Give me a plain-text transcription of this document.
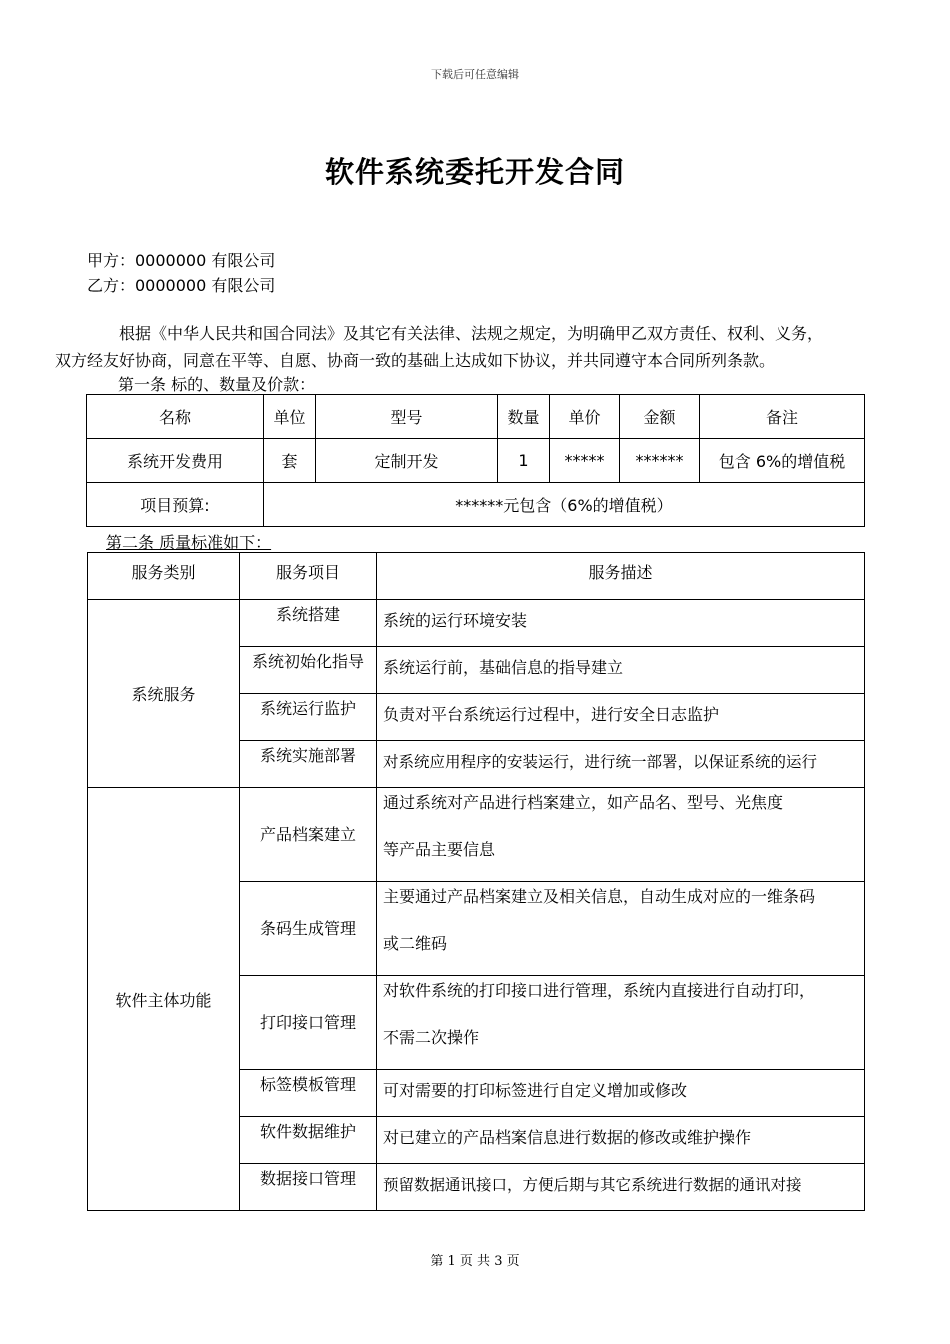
下载后可任意编辑
软件系统委托开发合同
甲方：0000000 有限公司
乙方：0000000 有限公司
根据《中华人民共和国合同法》及其它有关法律、法规之规定，为明确甲乙双方责任、权利、义务，
双方经友好协商，同意在平等、自愿、协商一致的基础上达成如下协议，并共同遵守本合同所列条款。
第一条 标的、数量及价款：
名称	单位	型号	数量	单价	金额	备注
系统开发费用	套	定制开发	1	*****	******	包含 6%的增值税
项目预算:	******元包含（6%的增值税）					
第二条 质量标准如下：
服务类别	服务项目	服务描述
系统服务	系统搭建	系统的运行环境安装
	系统初始化指导	系统运行前，基础信息的指导建立
	系统运行监护	负责对平台系统运行过程中，进行安全日志监护
	系统实施部署	对系统应用程序的安装运行，进行统一部署，以保证系统的运行
软件主体功能	产品档案建立	通过系统对产品进行档案建立，如产品名、型号、光焦度
等产品主要信息

	条码生成管理	主要通过产品档案建立及相关信息，自动生成对应的一维条码
或二维码

	打印接口管理	对软件系统的打印接口进行管理，系统内直接进行自动打印，
不需二次操作

	标签模板管理	可对需要的打印标签进行自定义增加或修改
	软件数据维护	对已建立的产品档案信息进行数据的修改或维护操作
	数据接口管理	预留数据通讯接口，方便后期与其它系统进行数据的通讯对接
第 1 页 共 3 页
